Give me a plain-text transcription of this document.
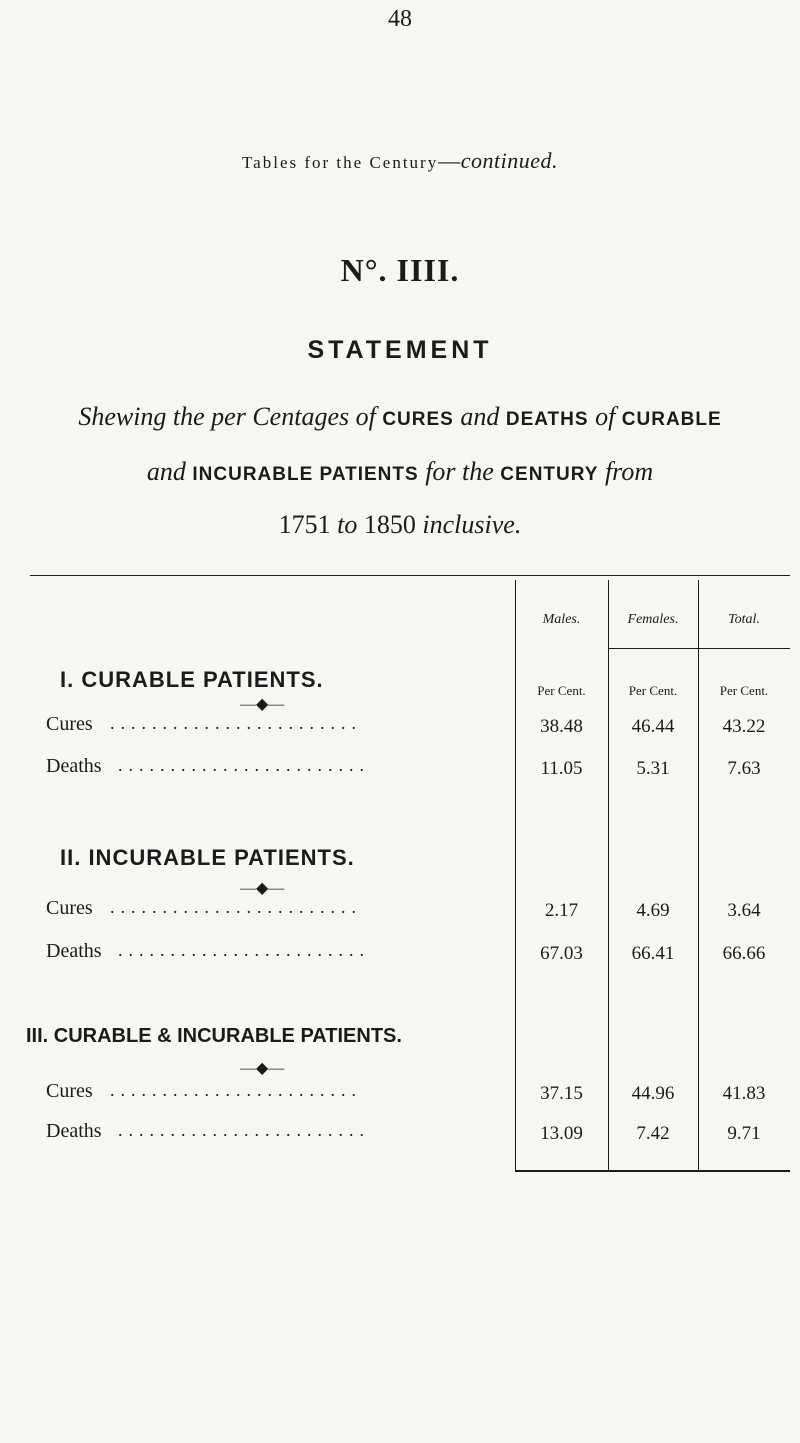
48
Tables for the Century—continued.
N°. IIII.
STATEMENT
Shewing the per Centages of CURES and DEATHS of CURABLE
and INCURABLE PATIENTS for the CENTURY from
1751 to 1850 inclusive.
Males.	Females.	Total.
Per Cent.	Per Cent.	Per Cent.
I. CURABLE PATIENTS.
—◆—
Cures ........................	38.48	46.44	43.22
Deaths ........................	11.05	5.31	7.63
II. INCURABLE PATIENTS.
—◆—
Cures ........................	2.17	4.69	3.64
Deaths ........................	67.03	66.41	66.66
III. CURABLE & INCURABLE PATIENTS.
—◆—
Cures ........................	37.15	44.96	41.83
Deaths ........................	13.09	7.42	9.71
